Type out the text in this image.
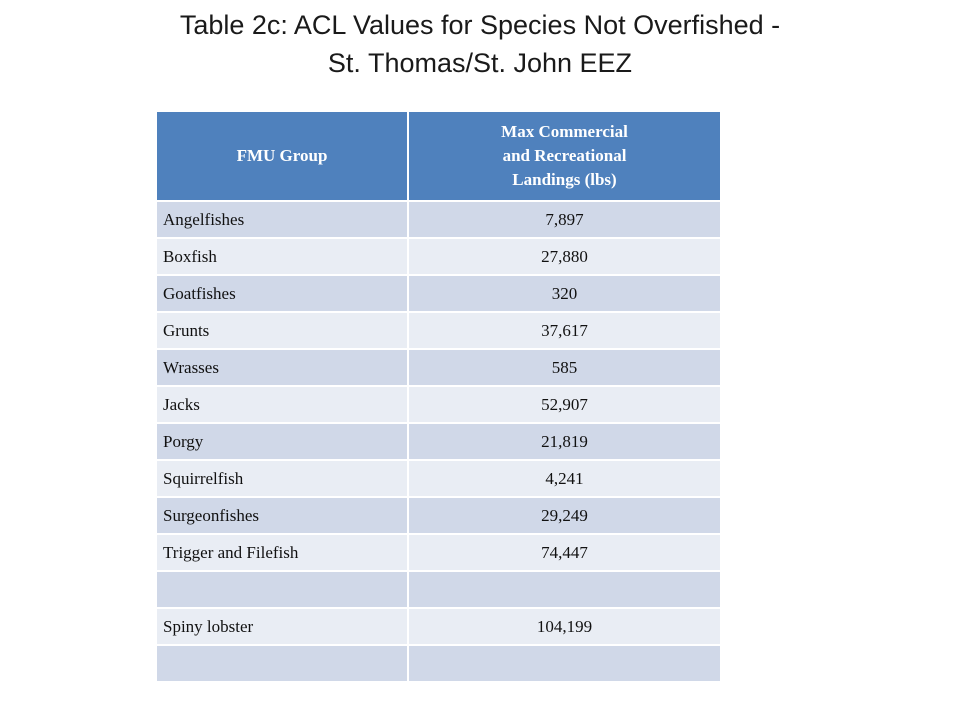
Table 2c: ACL Values for Species Not Overfished -
St. Thomas/St. John EEZ
FMU Group	Max Commercial
and Recreational
Landings (lbs)
Angelfishes	7,897
Boxfish	27,880
Goatfishes	320
Grunts	37,617
Wrasses	585
Jacks	52,907
Porgy	21,819
Squirrelfish	4,241
Surgeonfishes	29,249
Trigger and Filefish	74,447

Spiny lobster	104,199
